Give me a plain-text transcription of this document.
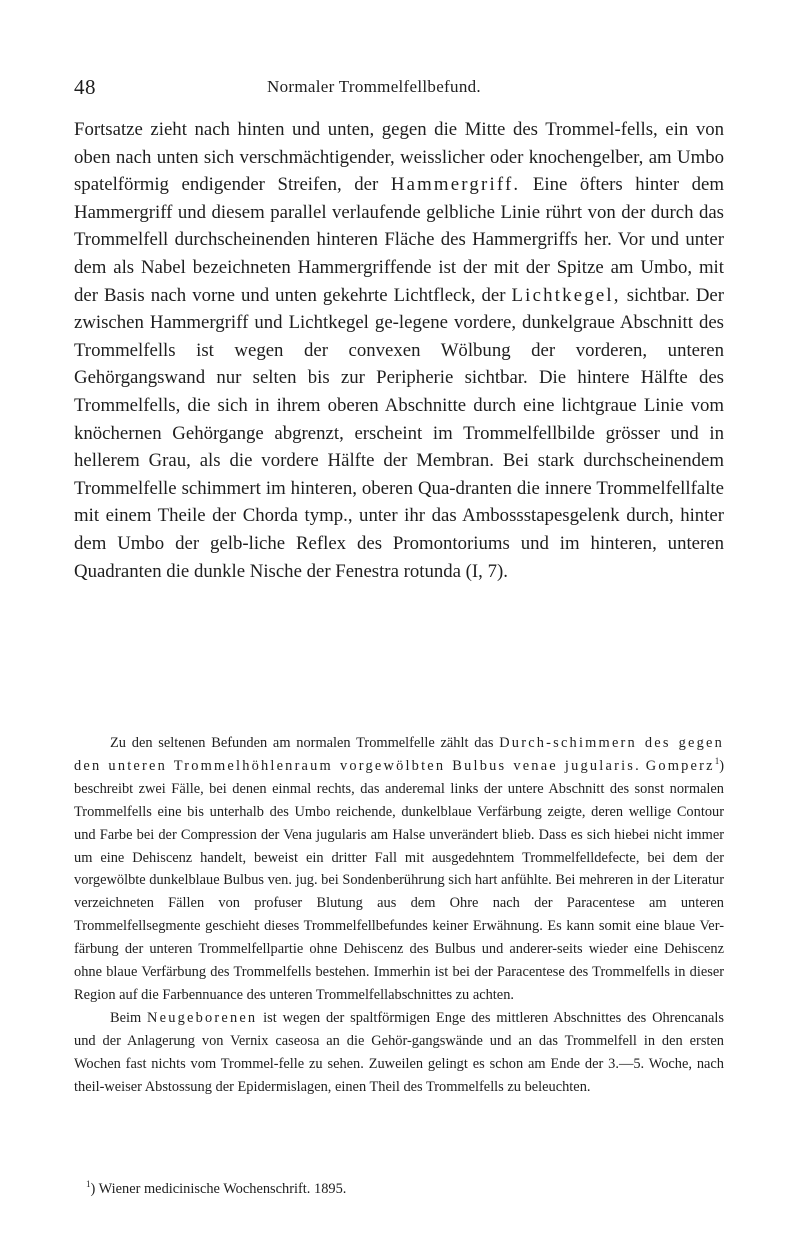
48	Normaler Trommelfellbefund.

Fortsatze zieht nach hinten und unten, gegen die Mitte des Trommel-fells, ein von oben nach unten sich verschmächtigender, weisslicher oder knochengelber, am Umbo spatelförmig endigender Streifen, der Hammergriff. Eine öfters hinter dem Hammergriff und diesem parallel verlaufende gelbliche Linie rührt von der durch das Trommelfell durchscheinenden hinteren Fläche des Hammergriffs her. Vor und unter dem als Nabel bezeichneten Hammergriffende ist der mit der Spitze am Umbo, mit der Basis nach vorne und unten gekehrte Lichtfleck, der Lichtkegel, sichtbar. Der zwischen Hammergriff und Lichtkegel ge-legene vordere, dunkelgraue Abschnitt des Trommelfells ist wegen der convexen Wölbung der vorderen, unteren Gehörgangswand nur selten bis zur Peripherie sichtbar. Die hintere Hälfte des Trommelfells, die sich in ihrem oberen Abschnitte durch eine lichtgraue Linie vom knöchernen Gehörgange abgrenzt, erscheint im Trommelfellbilde grösser und in hellerem Grau, als die vordere Hälfte der Membran. Bei stark durchscheinendem Trommelfelle schimmert im hinteren, oberen Qua-dranten die innere Trommelfellfalte mit einem Theile der Chorda tymp., unter ihr das Ambossstapesgelenk durch, hinter dem Umbo der gelb-liche Reflex des Promontoriums und im hinteren, unteren Quadranten die dunkle Nische der Fenestra rotunda (I, 7).

Zu den seltenen Befunden am normalen Trommelfelle zählt das Durch-schimmern des gegen den unteren Trommelhöhlenraum vorgewölbten Bulbus venae jugularis. Gomperz$^1$) beschreibt zwei Fälle, bei denen einmal rechts, das anderemal links der untere Abschnitt des sonst normalen Trommelfells eine bis unterhalb des Umbo reichende, dunkelblaue Verfärbung zeigte, deren wellige Contour und Farbe bei der Compression der Vena jugularis am Halse unverändert blieb. Dass es sich hiebei nicht immer um eine Dehiscenz handelt, beweist ein dritter Fall mit ausgedehntem Trommelfelldefecte, bei dem der vorgewölbte dunkelblaue Bulbus ven. jug. bei Sondenberührung sich hart anfühlte. Bei mehreren in der Literatur verzeichneten Fällen von profuser Blutung aus dem Ohre nach der Paracentese am unteren Trommelfellsegmente geschieht dieses Trommelfellbefundes keiner Erwähnung. Es kann somit eine blaue Ver-färbung der unteren Trommelfellpartie ohne Dehiscenz des Bulbus und anderer-seits wieder eine Dehiscenz ohne blaue Verfärbung des Trommelfells bestehen. Immerhin ist bei der Paracentese des Trommelfells in dieser Region auf die Farbennuance des unteren Trommelfellabschnittes zu achten.

Beim Neugeborenen ist wegen der spaltförmigen Enge des mittleren Abschnittes des Ohrencanals und der Anlagerung von Vernix caseosa an die Gehör-gangswände und an das Trommelfell in den ersten Wochen fast nichts vom Trommel-felle zu sehen. Zuweilen gelingt es schon am Ende der 3.—5. Woche, nach theil-weiser Abstossung der Epidermislagen, einen Theil des Trommelfells zu beleuchten.

$^1$) Wiener medicinische Wochenschrift. 1895.
